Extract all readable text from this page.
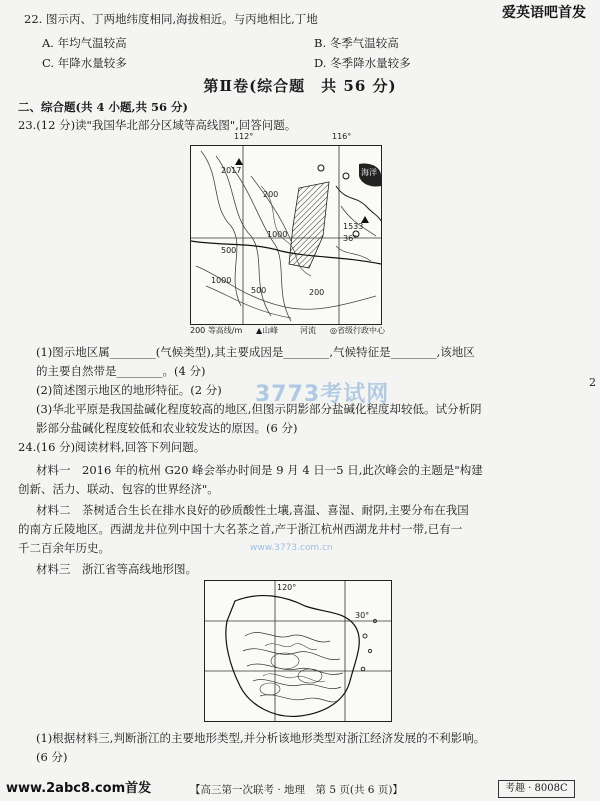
爱英语吧首发
22. 图示丙、丁两地纬度相同,海拔相近。与丙地相比,丁地
A. 年均气温较高	B. 冬季气温较高
C. 年降水量较多	D. 冬季降水量较多
第Ⅱ卷(综合题　共 56 分)
二、综合题(共 4 小题,共 56 分)
23.(12 分)读"我国华北部分区域等高线图",回答问题。
2017
1533
海洋
36°
200
1000
1000
500	200
500
112°	116°
200 等高线/m ▲山峰	河流 ◎省级行政中心
(1)图示地区属________(气候类型),其主要成因是________,气候特征是________,该地区
的主要自然带是________。(4 分)
(2)简述图示地区的地形特征。(2 分)
(3)华北平原是我国盐碱化程度较高的地区,但图示阴影部分盐碱化程度却较低。试分析阴
影部分盐碱化程度较低和农业较发达的原因。(6 分)
3773考试网	2
24.(16 分)阅读材料,回答下列问题。
材料一　2016 年的杭州 G20 峰会举办时间是 9 月 4 日一5 日,此次峰会的主题是"构建
创新、活力、联动、包容的世界经济"。
材料二　茶树适合生长在排水良好的砂质酸性土壤,喜温、喜湿、耐阴,主要分布在我国
的南方丘陵地区。西湖龙井位列中国十大名茶之首,产于浙江杭州西湖龙井村一带,已有一
千二百余年历史。
材料三　浙江省等高线地形图。
120°
30°
www.3773.com.cn
(1)根据材料三,判断浙江的主要地形类型,并分析该地形类型对浙江经济发展的不利影响。
(6 分)
www.2abc8.com首发	【高三第一次联考 · 地理　第 5 页(共 6 页)】	考趣 · 8008C
